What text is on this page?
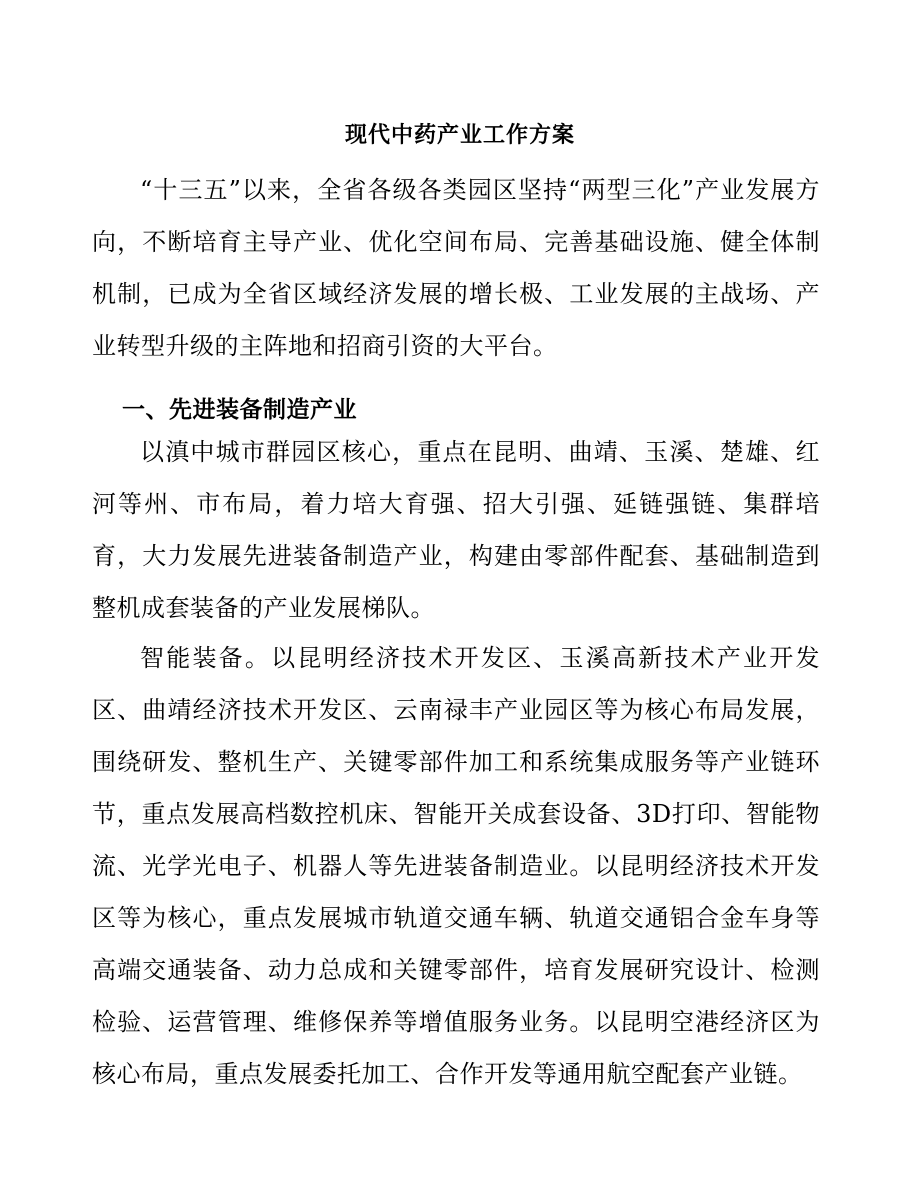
现代中药产业工作方案

“十三五”以来，全省各级各类园区坚持“两型三化”产业发展方向，不断培育主导产业、优化空间布局、完善基础设施、健全体制机制，已成为全省区域经济发展的增长极、工业发展的主战场、产业转型升级的主阵地和招商引资的大平台。

一、先进装备制造产业

以滇中城市群园区核心，重点在昆明、曲靖、玉溪、楚雄、红河等州、市布局，着力培大育强、招大引强、延链强链、集群培育，大力发展先进装备制造产业，构建由零部件配套、基础制造到整机成套装备的产业发展梯队。

智能装备。以昆明经济技术开发区、玉溪高新技术产业开发区、曲靖经济技术开发区、云南禄丰产业园区等为核心布局发展，围绕研发、整机生产、关键零部件加工和系统集成服务等产业链环节，重点发展高档数控机床、智能开关成套设备、3D打印、智能物流、光学光电子、机器人等先进装备制造业。以昆明经济技术开发区等为核心，重点发展城市轨道交通车辆、轨道交通铝合金车身等高端交通装备、动力总成和关键零部件，培育发展研究设计、检测检验、运营管理、维修保养等增值服务业务。以昆明空港经济区为核心布局，重点发展委托加工、合作开发等通用航空配套产业链。
